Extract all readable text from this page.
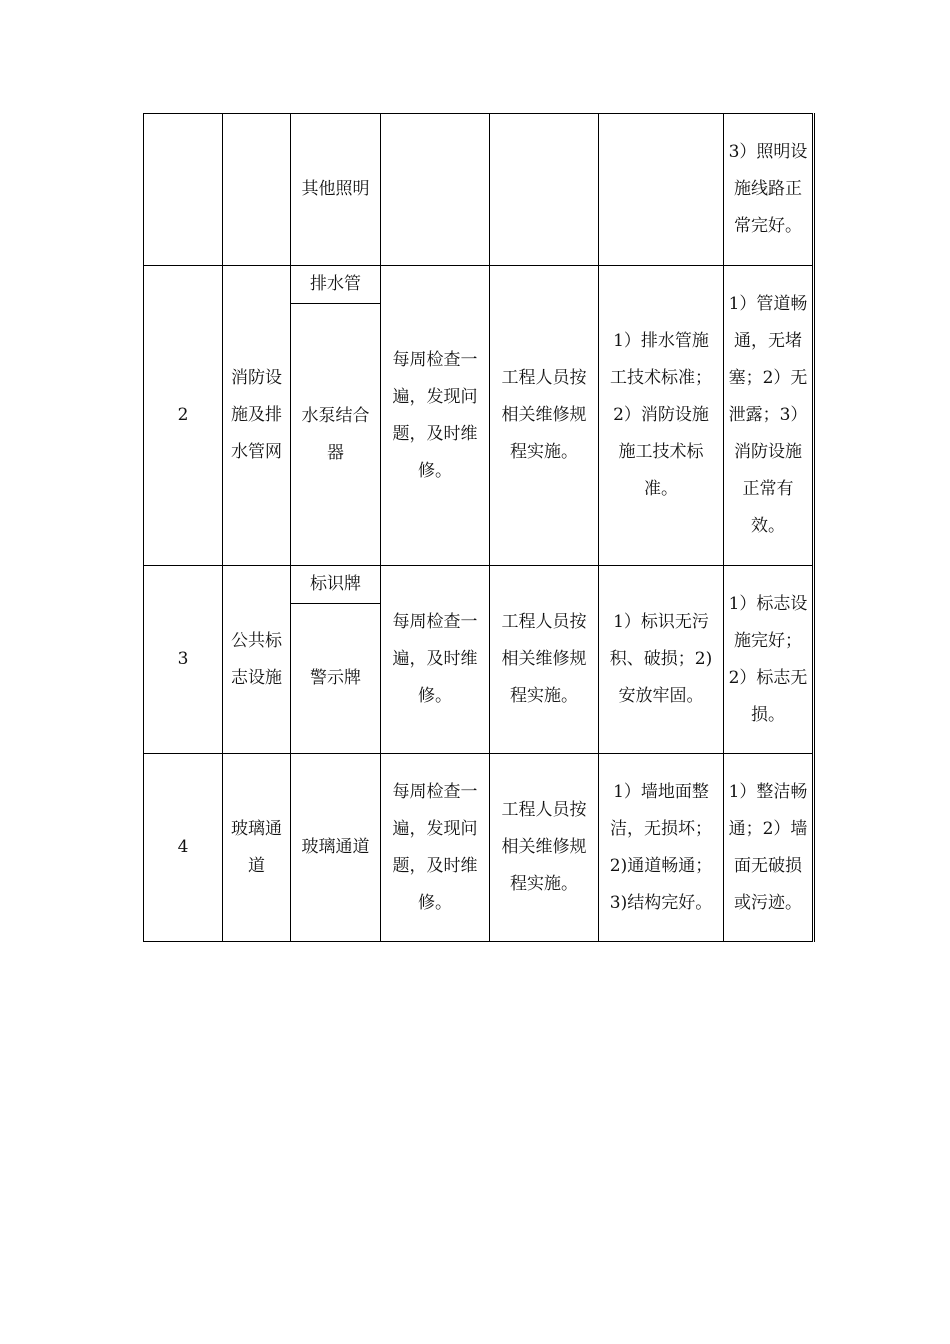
		其他照明				3）照明设施线路正常完好。
2	消防设施及排水管网	排水管	每周检查一遍，发现问题，及时维修。	工程人员按相关维修规程实施。	1）排水管施工技术标准；2）消防设施施工技术标准。	1）管道畅通，无堵塞；2）无泄露；3）消防设施正常有效。
		水泵结合器				
3	公共标志设施	标识牌	每周检查一遍，及时维修。	工程人员按相关维修规程实施。	1）标识无污积、破损；2)安放牢固。	1）标志设施完好；2）标志无损。
		警示牌				
4	玻璃通道	玻璃通道	每周检查一遍，发现问题，及时维修。	工程人员按相关维修规程实施。	1）墙地面整洁，无损坏；2)通道畅通；3)结构完好。	1）整洁畅通；2）墙面无破损或污迹。
